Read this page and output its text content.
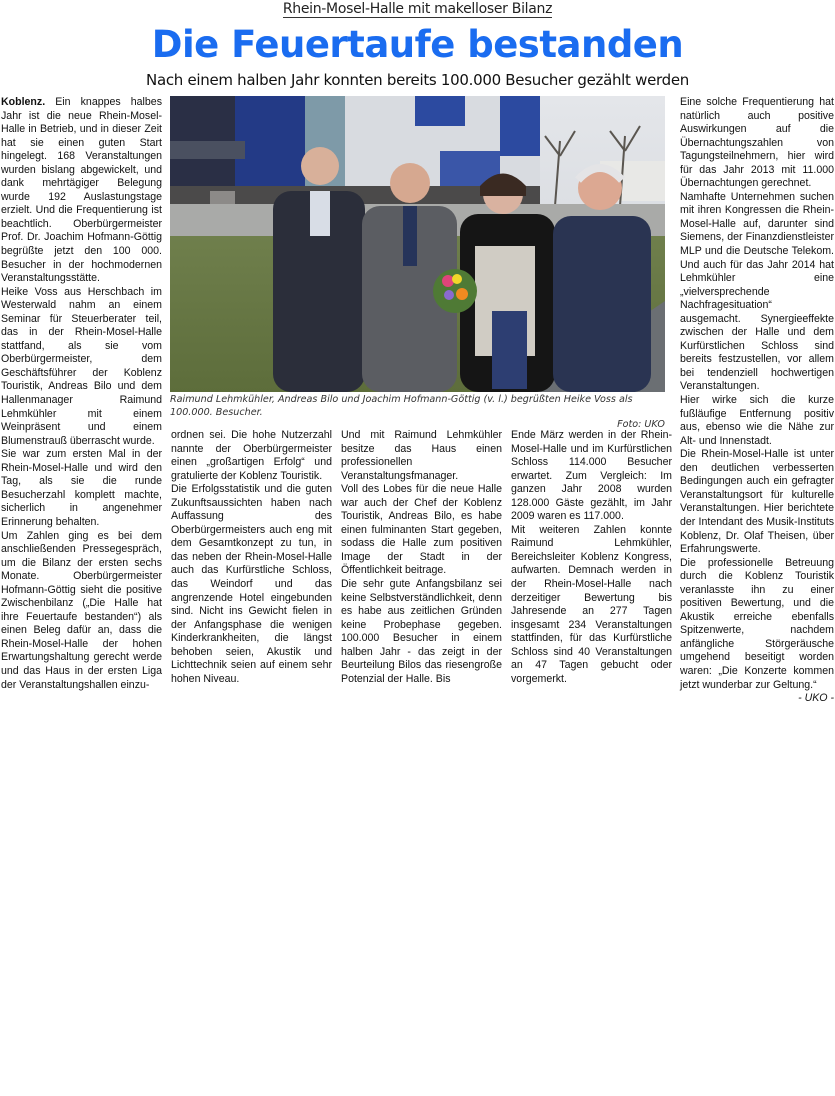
Rhein-Mosel-Halle mit makelloser Bilanz
Die Feuertaufe bestanden
Nach einem halben Jahr konnten bereits 100.000 Besucher gezählt werden

Koblenz. Ein knappes halbes Jahr ist die neue Rhein-Mosel-Halle in Betrieb, und in dieser Zeit hat sie einen guten Start hingelegt. 168 Veranstaltungen wurden bislang abgewickelt, und dank mehrtägiger Belegung wurde 192 Auslastungstage erzielt. Und die Frequentierung ist beachtlich. Oberbürgermeister Prof. Dr. Joachim Hofmann-Göttig begrüßte jetzt den 100 000. Besucher in der hochmodernen Veranstaltungsstätte.

Heike Voss aus Herschbach im Westerwald nahm an einem Seminar für Steuerberater teil, das in der Rhein-Mosel-Halle stattfand, als sie vom Oberbürgermeister, dem Geschäftsführer der Koblenz Touristik, Andreas Bilo und dem Hallenmanager Raimund Lehmkühler mit einem Weinpräsent und einem Blumenstrauß überrascht wurde.

Sie war zum ersten Mal in der Rhein-Mosel-Halle und wird den Tag, als sie die runde Besucherzahl komplett machte, sicherlich in angenehmer Erinnerung behalten.

Um Zahlen ging es bei dem anschließenden Pressegespräch, um die Bilanz der ersten sechs Monate. Oberbürgermeister Hofmann-Göttig sieht die positive Zwischenbilanz („Die Halle hat ihre Feuertaufe bestanden“) als einen Beleg dafür an, dass die Rhein-Mosel-Halle der hohen Erwartungshaltung gerecht werde und das Haus in der ersten Liga der Veranstaltungshallen einzu-

Raimund Lehmkühler, Andreas Bilo und Joachim Hofmann-Göttig (v. l.) begrüßten Heike Voss als 100.000. Besucher.
Foto: UKO

ordnen sei. Die hohe Nutzerzahl nannte der Oberbürgermeister einen „großartigen Erfolg“ und gratulierte der Koblenz Touristik.

Die Erfolgsstatistik und die guten Zukunftsaussichten haben nach Auffassung des Oberbürgermeisters auch eng mit dem Gesamtkonzept zu tun, in das neben der Rhein-Mosel-Halle auch das Kurfürstliche Schloss, das Weindorf und das angrenzende Hotel eingebunden sind. Nicht ins Gewicht fielen in der Anfangsphase die wenigen Kinderkrankheiten, die längst behoben seien, Akustik und Lichttechnik seien auf einem sehr hohen Niveau.

Und mit Raimund Lehmkühler besitze das Haus einen professionellen Veranstaltungsfmanager.

Voll des Lobes für die neue Halle war auch der Chef der Koblenz Touristik, Andreas Bilo, es habe einen fulminanten Start gegeben, sodass die Halle zum positiven Image der Stadt in der Öffentlichkeit beitrage.

Die sehr gute Anfangsbilanz sei keine Selbstverständlichkeit, denn es habe aus zeitlichen Gründen keine Probephase gegeben. 100.000 Besucher in einem halben Jahr - das zeigt in der Beurteilung Bilos das riesengroße Potenzial der Halle. Bis

Ende März werden in der Rhein-Mosel-Halle und im Kurfürstlichen Schloss 114.000 Besucher erwartet. Zum Vergleich: Im ganzen Jahr 2008 wurden 128.000 Gäste gezählt, im Jahr 2009 waren es 117.000.

Mit weiteren Zahlen konnte Raimund Lehmkühler, Bereichsleiter Koblenz Kongress, aufwarten. Demnach werden in der Rhein-Mosel-Halle nach derzeitiger Bewertung bis Jahresende an 277 Tagen insgesamt 234 Veranstaltungen stattfinden, für das Kurfürstliche Schloss sind 40 Veranstaltungen an 47 Tagen gebucht oder vorgemerkt.

Eine solche Frequentierung hat natürlich auch positive Auswirkungen auf die Übernachtungszahlen von Tagungsteilnehmern, hier wird für das Jahr 2013 mit 11.000 Übernachtungen gerechnet.

Namhafte Unternehmen suchen mit ihren Kongressen die Rhein-Mosel-Halle auf, darunter sind Siemens, der Finanzdienstleister MLP und die Deutsche Telekom. Und auch für das Jahr 2014 hat Lehmkühler eine „vielversprechende Nachfragesituation“ ausgemacht. Synergieeffekte zwischen der Halle und dem Kurfürstlichen Schloss sind bereits festzustellen, vor allem bei tendenziell hochwertigen Veranstaltungen.

Hier wirke sich die kurze fußläufige Entfernung positiv aus, ebenso wie die Nähe zur Alt- und Innenstadt.

Die Rhein-Mosel-Halle ist unter den deutlichen verbesserten Bedingungen auch ein gefragter Veranstaltungsort für kulturelle Veranstaltungen. Hier berichtete der Intendant des Musik-Instituts Koblenz, Dr. Olaf Theisen, über Erfahrungswerte.

Die professionelle Betreuung durch die Koblenz Touristik veranlasste ihn zu einer positiven Bewertung, und die Akustik erreiche ebenfalls Spitzenwerte, nachdem anfängliche Störgeräusche umgehend beseitigt worden waren: „Die Konzerte kommen jetzt wunderbar zur Geltung.“

- UKO -
